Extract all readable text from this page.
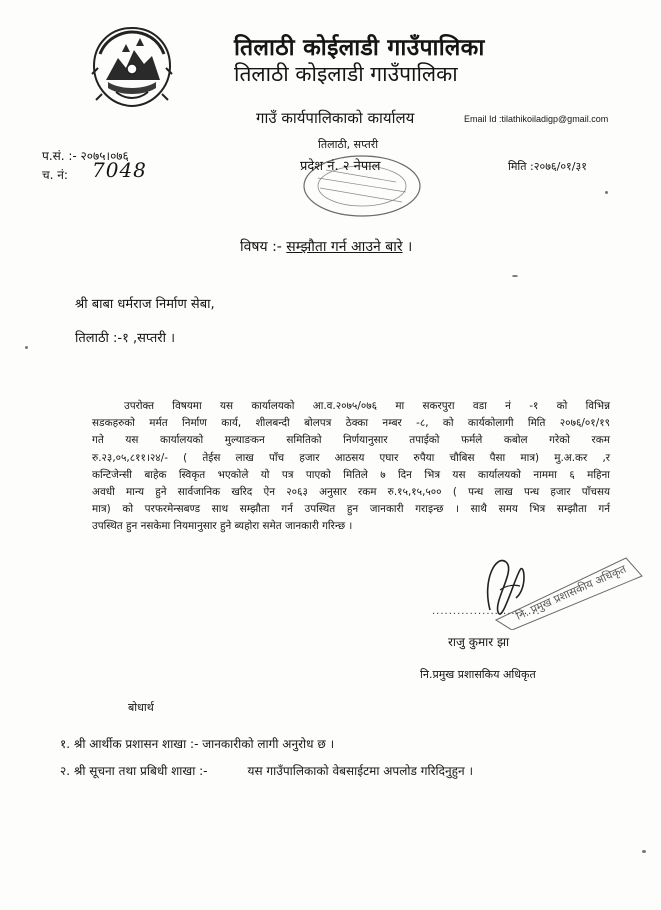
तिलाठी कोईलाडी गाउँपालिका
तिलाठी कोइलाडी गाउँपालिका
गाउँ कार्यपालिकाको कार्यालय	Email Id :tilathikoiladigp@gmail.com
प.सं. :- २०७५।०७६
च. नं: 7048
तिलाठी, सप्तरी
प्रदेश नं. २ नेपाल	मिति :२०७६/०१/३१
विषय :- सम्झौता गर्न आउने बारे ।
श्री बाबा धर्मराज निर्माण सेबा,
तिलाठी :-१ ,सप्तरी ।
उपरोक्त विषयमा यस कार्यालयको आ.व.२०७५/०७६ मा सकरपुरा वडा नं -१ को विभिन्न
सडकहरुको मर्मत निर्माण कार्य, शीलबन्दी बोलपत्र ठेक्का नम्बर -८, को कार्यकोलागी मिति २०७६/०१/१९
गते यस कार्यालयको मुल्याङकन समितिको निर्णयानुसार तपाईको फर्मले कबोल गरेको रकम
रु.२३,०५,८११।२४/- ( तेईस लाख पाँच हजार आठसय एघार रुपैया चौबिस पैसा मात्र) मु.अ.कर ,र
कन्टिजेन्सी बाहेक स्विकृत भएकोले यो पत्र पाएको मितिले ७ दिन भित्र यस कार्यालयको नाममा ६ महिना
अवधी मान्य हुने सार्वजानिक खरिद ऐन २०६३ अनुसार रकम रु.१५,१५,५०० ( पन्ध लाख पन्ध हजार पाँचसय
मात्र) को परफरमेन्सबण्ड साथ सम्झौता गर्न उपस्थित हुन जानकारी गराइन्छ । साथै समय भित्र सम्झौता गर्न
उपस्थित हुन नसकेमा नियमानुसार हुने ब्यहोरा समेत जानकारी गरिन्छ ।
नि. प्रमुख प्रशासकीय अधिकृत
..........................
राजु कुमार झा
नि.प्रमुख प्रशासकिय अधिकृत
बोधार्थ
१. श्री आर्थीक प्रशासन शाखा :- जानकारीको लागी अनुरोध छ ।
२. श्री सूचना तथा प्रबिधी शाखा :-	यस गाउँपालिकाको वेबसाईटमा अपलोड गरिदिनुहुन ।
